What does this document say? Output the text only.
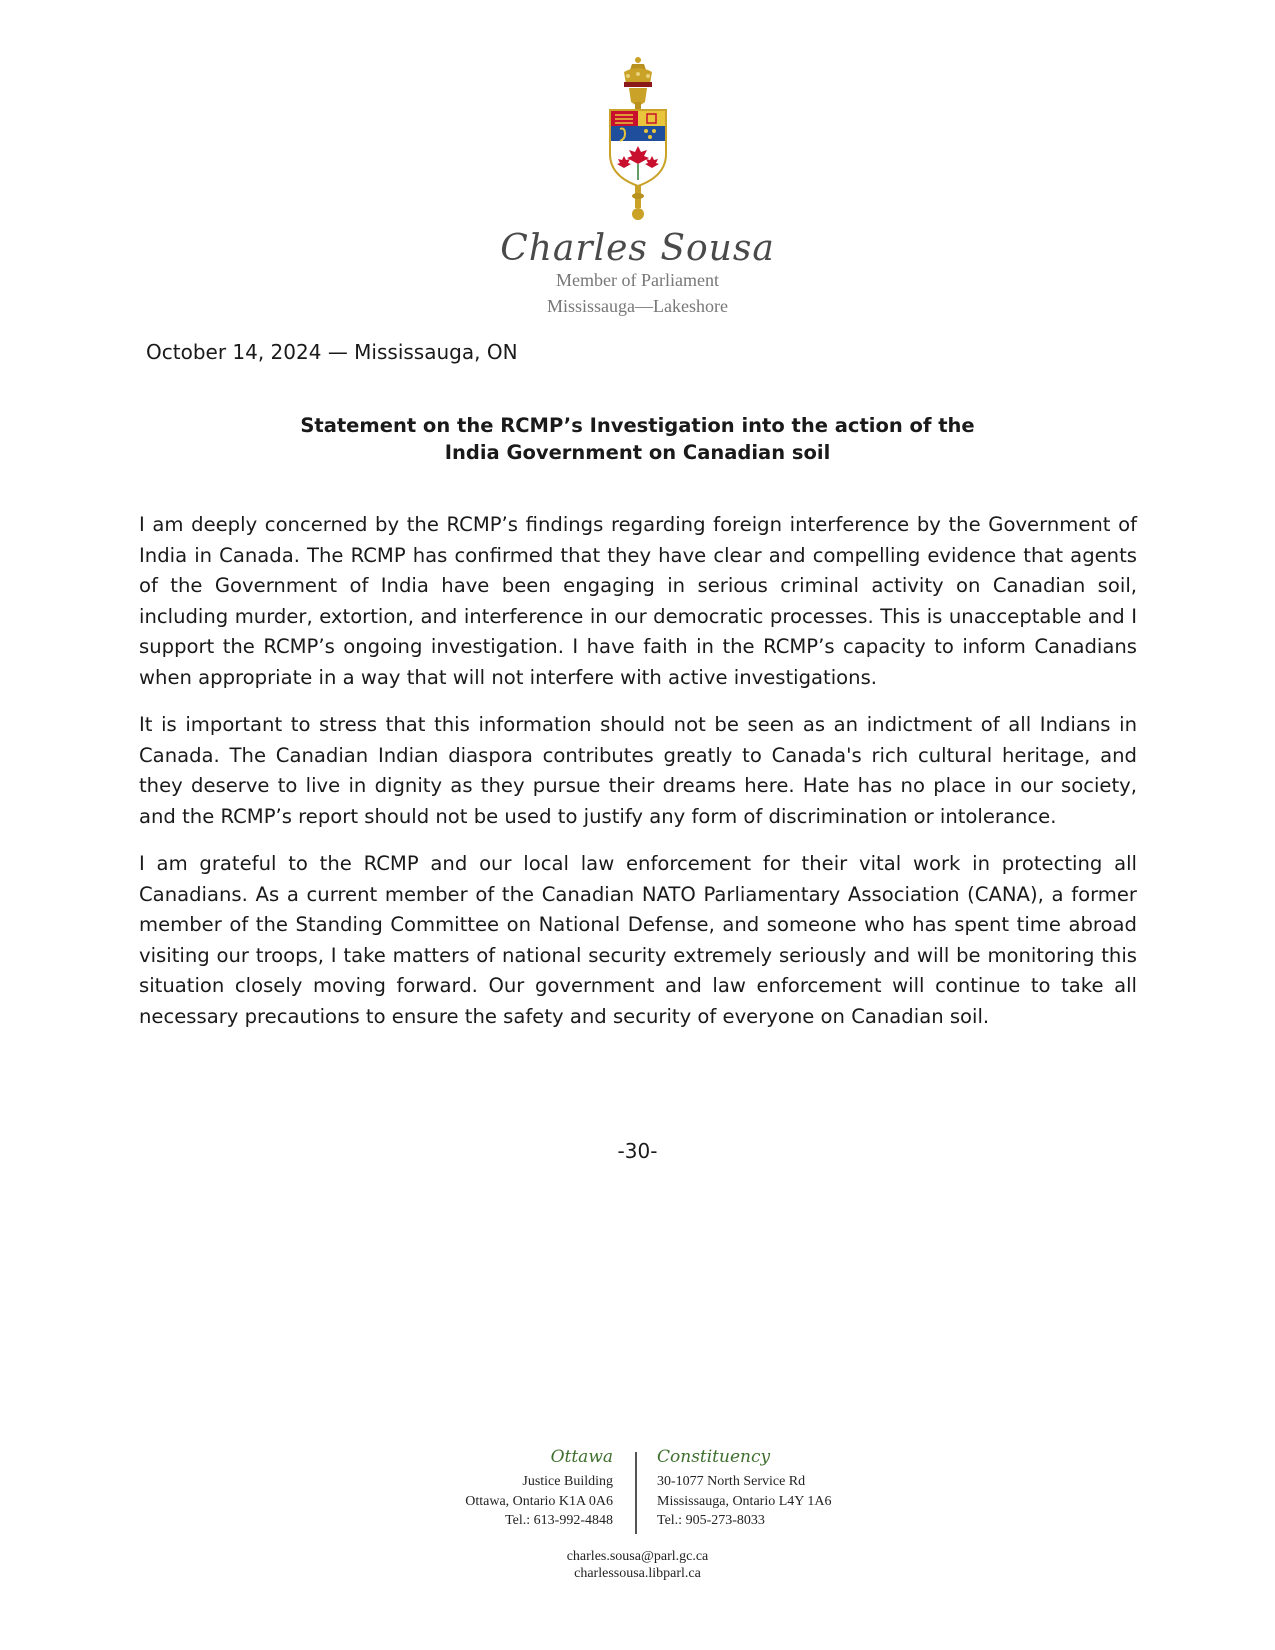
Charles Sousa
Member of Parliament
Mississauga—Lakeshore
October 14, 2024 — Mississauga, ON
Statement on the RCMP’s Investigation into the action of the
India Government on Canadian soil

I am deeply concerned by the RCMP’s findings regarding foreign interference by the Government of India in Canada. The RCMP has confirmed that they have clear and compelling evidence that agents of the Government of India have been engaging in serious criminal activity on Canadian soil, including murder, extortion, and interference in our democratic processes. This is unacceptable and I support the RCMP’s ongoing investigation. I have faith in the RCMP’s capacity to inform Canadians when appropriate in a way that will not interfere with active investigations.

It is important to stress that this information should not be seen as an indictment of all Indians in Canada. The Canadian Indian diaspora contributes greatly to Canada's rich cultural heritage, and they deserve to live in dignity as they pursue their dreams here. Hate has no place in our society, and the RCMP’s report should not be used to justify any form of discrimination or intolerance.

I am grateful to the RCMP and our local law enforcement for their vital work in protecting all Canadians. As a current member of the Canadian NATO Parliamentary Association (CANA), a former member of the Standing Committee on National Defense, and someone who has spent time abroad visiting our troops, I take matters of national security extremely seriously and will be monitoring this situation closely moving forward. Our government and law enforcement will continue to take all necessary precautions to ensure the safety and security of everyone on Canadian soil.

-30-
Ottawa
Justice Building
Ottawa, Ontario K1A 0A6
Tel.: 613-992-4848
Constituency
30-1077 North Service Rd
Mississauga, Ontario L4Y 1A6
Tel.: 905-273-8033
charles.sousa@parl.gc.ca
charlessousa.libparl.ca
